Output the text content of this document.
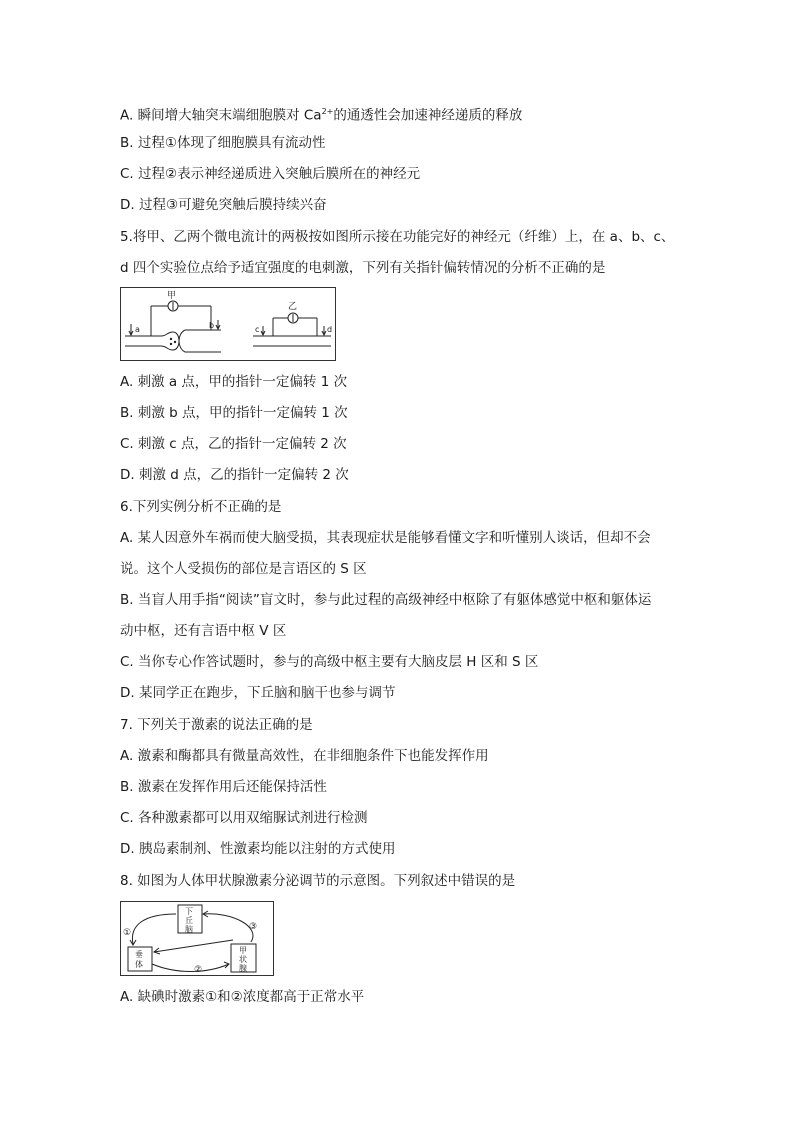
A. 瞬间增大轴突末端细胞膜对 $Ca^{2+}$的通透性会加速神经递质的释放
B. 过程①体现了细胞膜具有流动性
C. 过程②表示神经递质进入突触后膜所在的神经元
D. 过程③可避免突触后膜持续兴奋
5.将甲、乙两个微电流计的两极按如图所示接在功能完好的神经元（纤维）上，在 a、b、c、
d 四个实验位点给予适宜强度的电刺激，下列有关指针偏转情况的分析不正确的是
甲
a	b
乙
c	d
A. 刺激 a 点，甲的指针一定偏转 1 次
B. 刺激 b 点，甲的指针一定偏转 1 次
C. 刺激 c 点，乙的指针一定偏转 2 次
D. 刺激 d 点，乙的指针一定偏转 2 次
6.下列实例分析不正确的是
A. 某人因意外车祸而使大脑受损，其表现症状是能够看懂文字和听懂别人谈话，但却不会
说。这个人受损伤的部位是言语区的 S 区
B. 当盲人用手指“阅读”盲文时，参与此过程的高级神经中枢除了有躯体感觉中枢和躯体运
动中枢，还有言语中枢 V 区
C. 当你专心作答试题时，参与的高级中枢主要有大脑皮层 H 区和 S 区
D. 某同学正在跑步，下丘脑和脑干也参与调节
7. 下列关于激素的说法正确的是
A. 激素和酶都具有微量高效性，在非细胞条件下也能发挥作用
B. 激素在发挥作用后还能保持活性
C. 各种激素都可以用双缩脲试剂进行检测
D. 胰岛素制剂、性激素均能以注射的方式使用
8. 如图为人体甲状腺激素分泌调节的示意图。下列叙述中错误的是
下
丘
脑
垂
体
甲
状
腺
①
②
③
A. 缺碘时激素①和②浓度都高于正常水平
